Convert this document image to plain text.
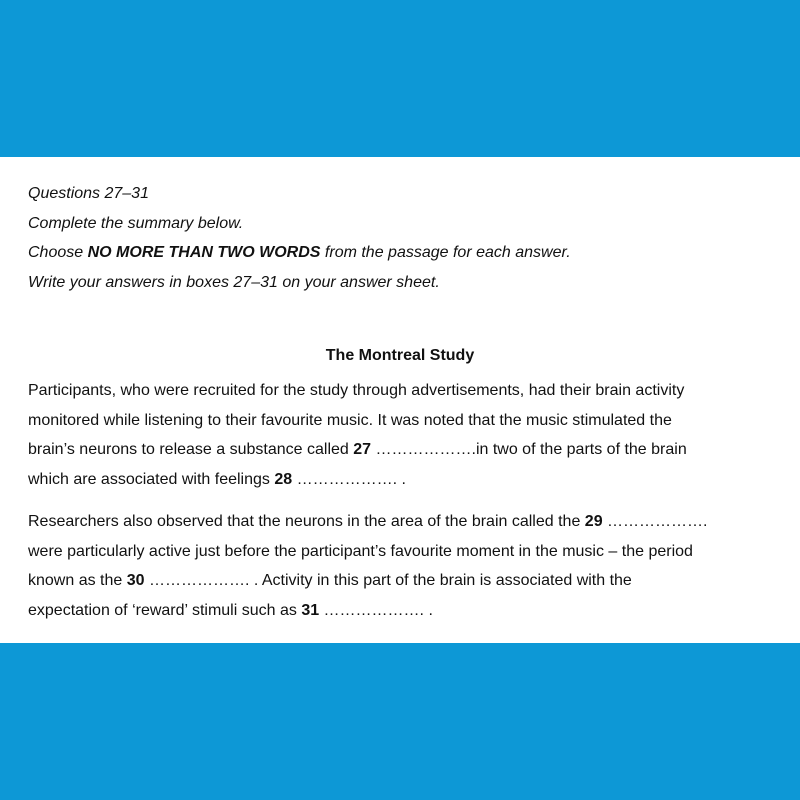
Questions 27–31
Complete the summary below.
Choose NO MORE THAN TWO WORDS from the passage for each answer.
Write your answers in boxes 27–31 on your answer sheet.
The Montreal Study
Participants, who were recruited for the study through advertisements, had their brain activity
monitored while listening to their favourite music. It was noted that the music stimulated the
brain’s neurons to release a substance called 27 ……………….in two of the parts of the brain
which are associated with feelings 28 ………………. .
Researchers also observed that the neurons in the area of the brain called the 29 ……………….
were particularly active just before the participant’s favourite moment in the music – the period
known as the 30 ………………. . Activity in this part of the brain is associated with the
expectation of ‘reward’ stimuli such as 31 ………………. .
